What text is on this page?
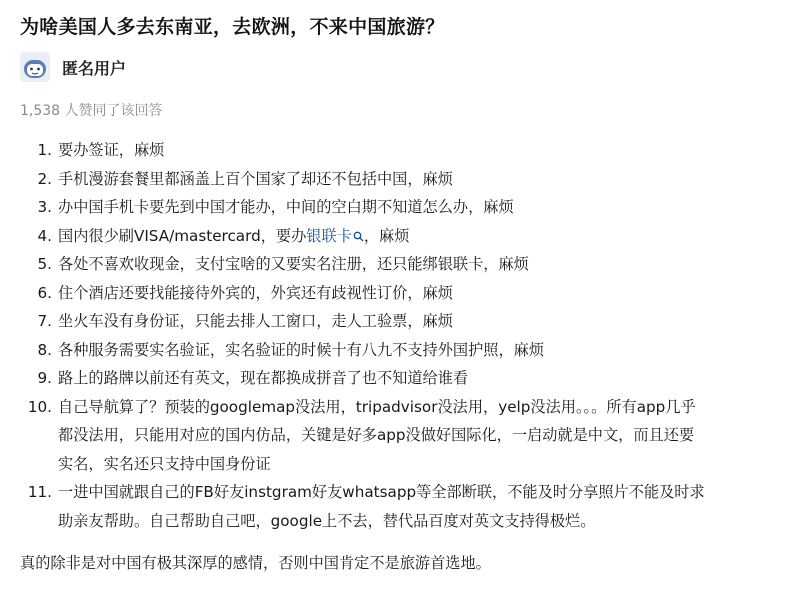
为啥美国人多去东南亚，去欧洲，不来中国旅游？
匿名用户
1,538 人赞同了该回答
1. 要办签证，麻烦
2. 手机漫游套餐里都涵盖上百个国家了却还不包括中国，麻烦
3. 办中国手机卡要先到中国才能办，中间的空白期不知道怎么办，麻烦
4. 国内很少刷VISA/mastercard，要办银联卡 ，麻烦
5. 各处不喜欢收现金，支付宝啥的又要实名注册，还只能绑银联卡，麻烦
6. 住个酒店还要找能接待外宾的，外宾还有歧视性订价，麻烦
7. 坐火车没有身份证，只能去排人工窗口，走人工验票，麻烦
8. 各种服务需要实名验证，实名验证的时候十有八九不支持外国护照，麻烦
9. 路上的路牌以前还有英文，现在都换成拼音了也不知道给谁看
10. 自己导航算了？预装的googlemap没法用，tripadvisor没法用，yelp没法用。。。所有app几乎
都没法用，只能用对应的国内仿品，关键是好多app没做好国际化，一启动就是中文，而且还要
实名，实名还只支持中国身份证
11. 一进中国就跟自己的FB好友instgram好友whatsapp等全部断联，不能及时分享照片不能及时求
助亲友帮助。自己帮助自己吧，google上不去，替代品百度对英文支持得极烂。
真的除非是对中国有极其深厚的感情，否则中国肯定不是旅游首选地。
